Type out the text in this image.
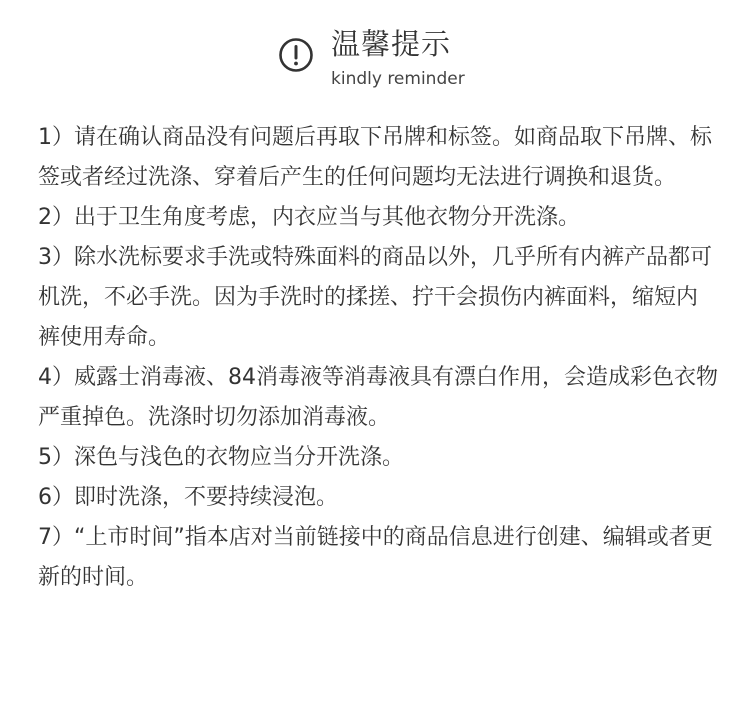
温馨提示
kindly reminder

1）请在确认商品没有问题后再取下吊牌和标签。如商品取下吊牌、标签或者经过洗涤、穿着后产生的任何问题均无法进行调换和退货。

2）出于卫生角度考虑，内衣应当与其他衣物分开洗涤。

3）除水洗标要求手洗或特殊面料的商品以外，几乎所有内裤产品都可机洗，不必手洗。因为手洗时的揉搓、拧干会损伤内裤面料，缩短内裤使用寿命。

4）威露士消毒液、84消毒液等消毒液具有漂白作用，会造成彩色衣物严重掉色。洗涤时切勿添加消毒液。

5）深色与浅色的衣物应当分开洗涤。

6）即时洗涤，不要持续浸泡。

7）“上市时间”指本店对当前链接中的商品信息进行创建、编辑或者更新的时间。
